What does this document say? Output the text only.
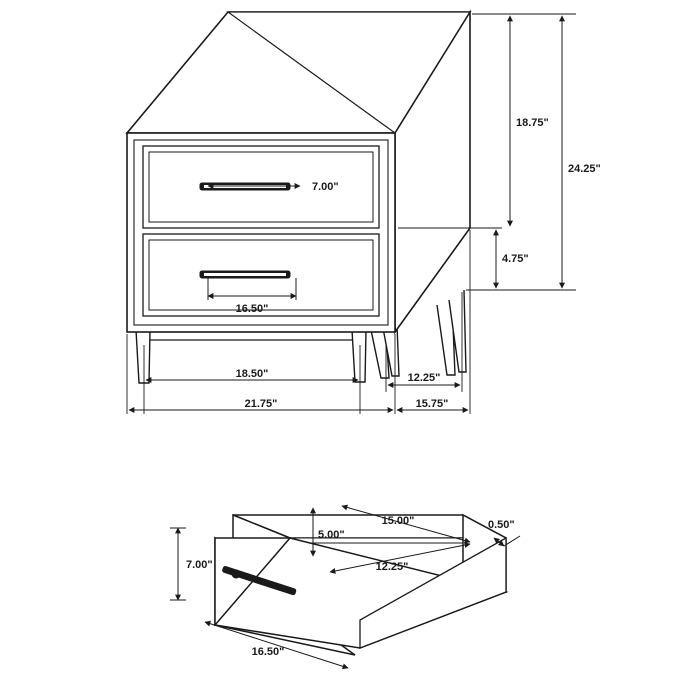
7.00"
16.50"
18.75"
4.75"
24.25"
18.50"	12.25"
21.75"	15.75"
7.00"
16.50"
5.00"
15.00"
12.25"
0.50"
